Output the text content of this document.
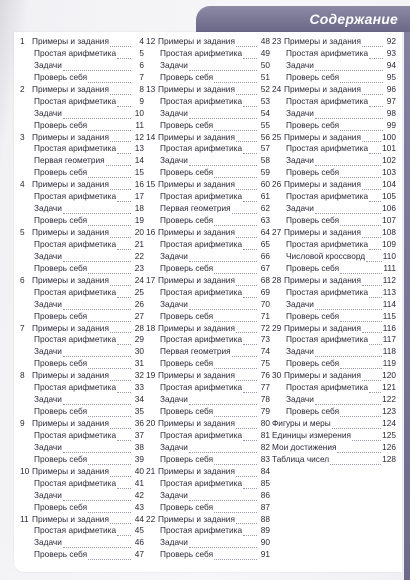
Содержание
1 Примеры и задания	4
Простая арифметика	5
Задачи	6
Проверь себя	7
2 Примеры и задания	8
Простая арифметика	9
Задачи	10
Проверь себя	11
3 Примеры и задания	12
Простая арифметика	13
Первая геометрия	14
Проверь себя	15
4 Примеры и задания	16
Простая арифметика	17
Задачи	18
Проверь себя	19
5 Примеры и задания	20
Простая арифметика	21
Задачи	22
Проверь себя	23
6 Примеры и задания	24
Простая арифметика	25
Задачи	26
Проверь себя	27
7 Примеры и задания	28
Простая арифметика	29
Задачи	30
Проверь себя	31
8 Примеры и задания	32
Простая арифметика	33
Задачи	34
Проверь себя	35
9 Примеры и задания	36
Простая арифметика	37
Задачи	38
Проверь себя	39
10 Примеры и задания	40
Простая арифметика	41
Задачи	42
Проверь себя	43
11 Примеры и задания	44
Простая арифметика	45
Задачи	46
Проверь себя	47
12 Примеры и задания	48
Простая арифметика	49
Задачи	50
Проверь себя	51
13 Примеры и задания	52
Простая арифметика	53
Задачи	54
Проверь себя	55
14 Примеры и задания	56
Простая арифметика	57
Задачи	58
Проверь себя	59
15 Примеры и задания	60
Простая арифметика	61
Первая геометрия	62
Проверь себя	63
16 Примеры и задания	64
Простая арифметика	65
Задачи	66
Проверь себя	67
17 Примеры и задания	68
Простая арифметика	69
Задачи	70
Проверь себя	71
18 Примеры и задания	72
Простая арифметика	73
Первая геометрия	74
Проверь себя	75
19 Примеры и задания	76
Простая арифметика	77
Задачи	78
Проверь себя	79
20 Примеры и задания	80
Простая арифметика	81
Задачи	82
Проверь себя	83
21 Примеры и задания	84
Простая арифметика	85
Задачи	86
Проверь себя	87
22 Примеры и задания	88
Простая арифметика	89
Задачи	90
Проверь себя	91
23 Примеры и задания	92
Простая арифметика	93
Задачи	94
Проверь себя	95
24 Примеры и задания	96
Простая арифметика	97
Задачи	98
Проверь себя	99
25 Примеры и задания	100
Простая арифметика 101
Задачи	102
Проверь себя	103
26 Примеры и задания	104
Простая арифметика 105
Задачи	106
Проверь себя	107
27 Примеры и задания	108
Простая арифметика 109
Числовой кроссворд 110
Проверь себя	111
28 Примеры и задания	112
Простая арифметика 113
Задачи	114
Проверь себя	115
29 Примеры и задания	116
Простая арифметика 117
Задачи	118
Проверь себя	119
30 Примеры и задания	120
Простая арифметика 121
Задачи	122
Проверь себя	123
Фигуры и меры	124
Единицы измерения	125
Мои достижения	126
Таблица чисел	128
